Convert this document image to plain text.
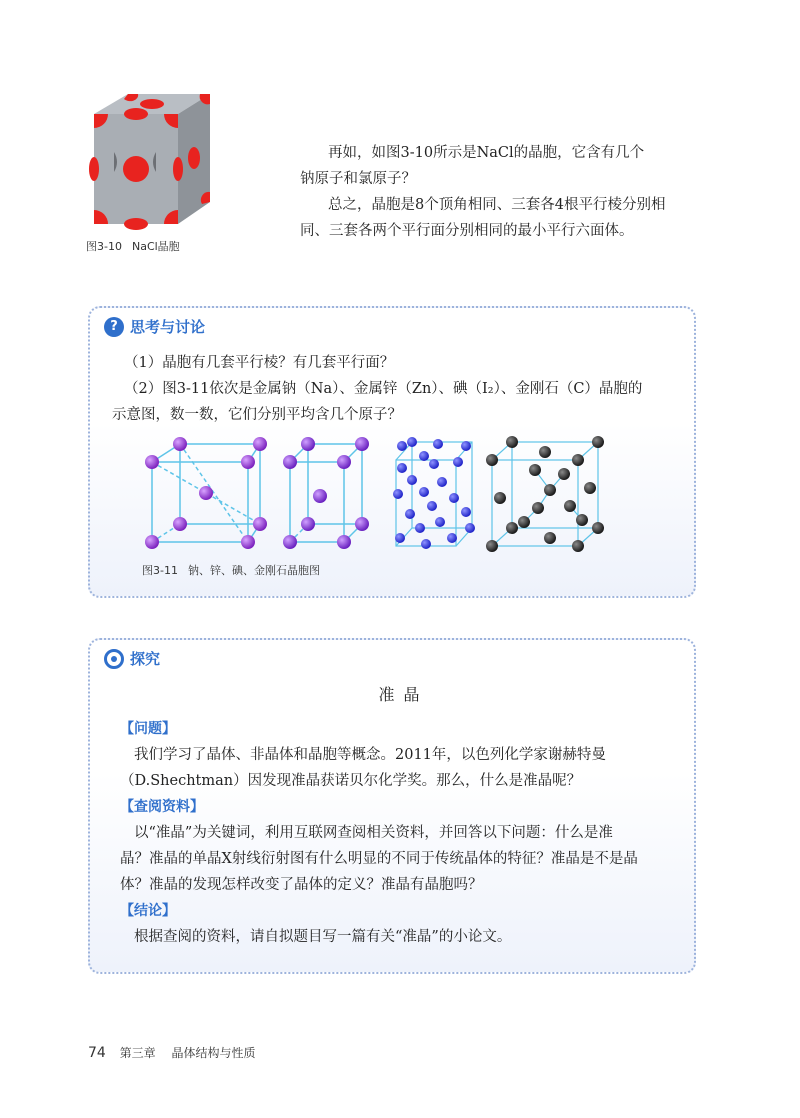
图3-10 NaCl晶胞

再如，如图3-10所示是NaCl的晶胞，它含有几个

钠原子和氯原子？

总之，晶胞是8个顶角相同、三套各4根平行棱分别相

同、三套各两个平行面分别相同的最小平行六面体。

? 思考与讨论

（1）晶胞有几套平行棱？有几套平行面？

（2）图3-11依次是金属钠（Na）、金属锌（Zn）、碘（I₂）、金刚石（C）晶胞的

示意图，数一数，它们分别平均含几个原子？

图3-11 钠、锌、碘、金刚石晶胞图
探究
准 晶

【问题】

我们学习了晶体、非晶体和晶胞等概念。2011年，以色列化学家谢赫特曼

（D.Shechtman）因发现准晶获诺贝尔化学奖。那么，什么是准晶呢？

【查阅资料】

以“准晶”为关键词，利用互联网查阅相关资料，并回答以下问题：什么是准

晶？准晶的单晶X射线衍射图有什么明显的不同于传统晶体的特征？准晶是不是晶

体？准晶的发现怎样改变了晶体的定义？准晶有晶胞吗？

【结论】

根据查阅的资料，请自拟题目写一篇有关“准晶”的小论文。

74 第三章 晶体结构与性质
